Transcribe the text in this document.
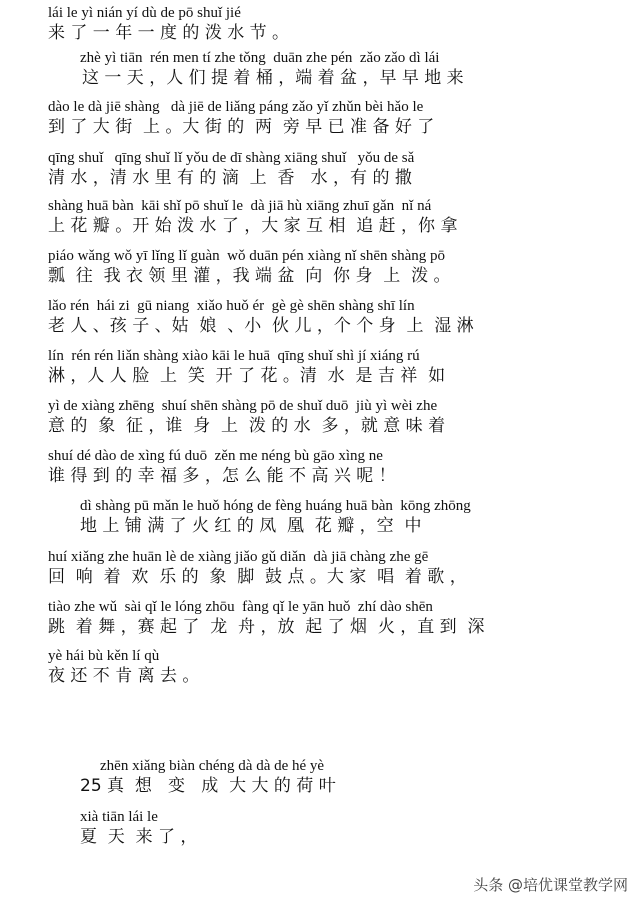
lái le yì nián yí dù de pō shuǐ jié
来 了 一 年 一 度 的 泼 水 节 。
zhè yì tiān  rén men tí zhe tǒng  duān zhe pén  zǎo zǎo dì lái
这 一 天 ，人 们 提 着 桶 ，端 着 盆 ，早 早 地 来
dào le dà jiē shàng   dà jiē de liǎng páng zǎo yǐ zhǔn bèi hǎo le
到 了 大 街  上 。大 街 的  两  旁 早 已 准 备 好 了
qīng shuǐ   qīng shuǐ lǐ yǒu de dī shàng xiāng shuǐ   yǒu de sǎ
清 水 ，清 水 里 有 的 滴  上  香   水 ，有 的 撒
shàng huā bàn  kāi shǐ pō shuǐ le  dà jiā hù xiāng zhuī gǎn  nǐ ná
上 花 瓣 。开 始 泼 水 了 ，大 家 互 相  追 赶 ，你 拿
piáo wǎng wǒ yī lǐng lǐ guàn  wǒ duān pén xiàng nǐ shēn shàng pō
瓢  往  我 衣 领 里 灌 ，我 端 盆  向  你 身  上  泼 。
lǎo rén  hái zi  gū niang  xiǎo huǒ ér  gè gè shēn shàng shī lín
老 人 、孩 子 、姑  娘  、小  伙 儿 ，个 个 身  上  湿 淋
lín  rén rén liǎn shàng xiào kāi le huā  qīng shuǐ shì jí xiáng rú
淋 ，人 人 脸  上  笑  开 了 花 。清  水  是 吉 祥  如
yì de xiàng zhēng  shuí shēn shàng pō de shuǐ duō  jiù yì wèi zhe
意 的  象  征 ，谁  身  上  泼 的 水  多 ，就 意 味 着
shuí dé dào de xìng fú duō  zěn me néng bù gāo xìng ne
谁 得 到 的 幸 福 多 ，怎 么 能 不 高 兴 呢 ！
dì shàng pū mǎn le huǒ hóng de fèng huáng huā bàn  kōng zhōng
地 上 铺 满 了 火 红 的 凤  凰  花 瓣 ，空  中
huí xiǎng zhe huān lè de xiàng jiǎo gǔ diǎn  dà jiā chàng zhe gē
回  响  着  欢  乐 的  象  脚  鼓 点 。大 家  唱  着 歌 ，
tiào zhe wǔ  sài qǐ le lóng zhōu  fàng qǐ le yān huǒ  zhí dào shēn
跳  着 舞 ，赛 起 了  龙  舟 ，放  起 了 烟  火 ，直 到  深
yè hái bù kěn lí qù
夜 还 不 肯 离 去 。
zhēn xiǎng biàn chéng dà dà de hé yè
25 真  想   变   成  大 大 的 荷 叶
xià tiān lái le
夏  天  来 了 ，
头条 @培优课堂教学网
